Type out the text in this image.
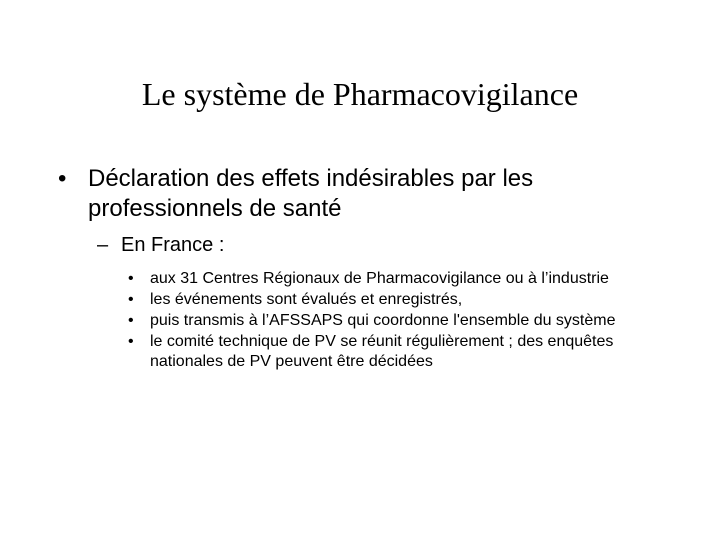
Le système de Pharmacovigilance
• Déclaration des effets indésirables par les professionnels de santé
– En France :
• aux 31 Centres Régionaux de Pharmacovigilance ou à l’industrie
• les événements sont évalués et enregistrés,
• puis transmis à l’AFSSAPS qui coordonne l'ensemble du système
• le comité technique de PV se réunit régulièrement ; des enquêtes nationales de PV peuvent être décidées
